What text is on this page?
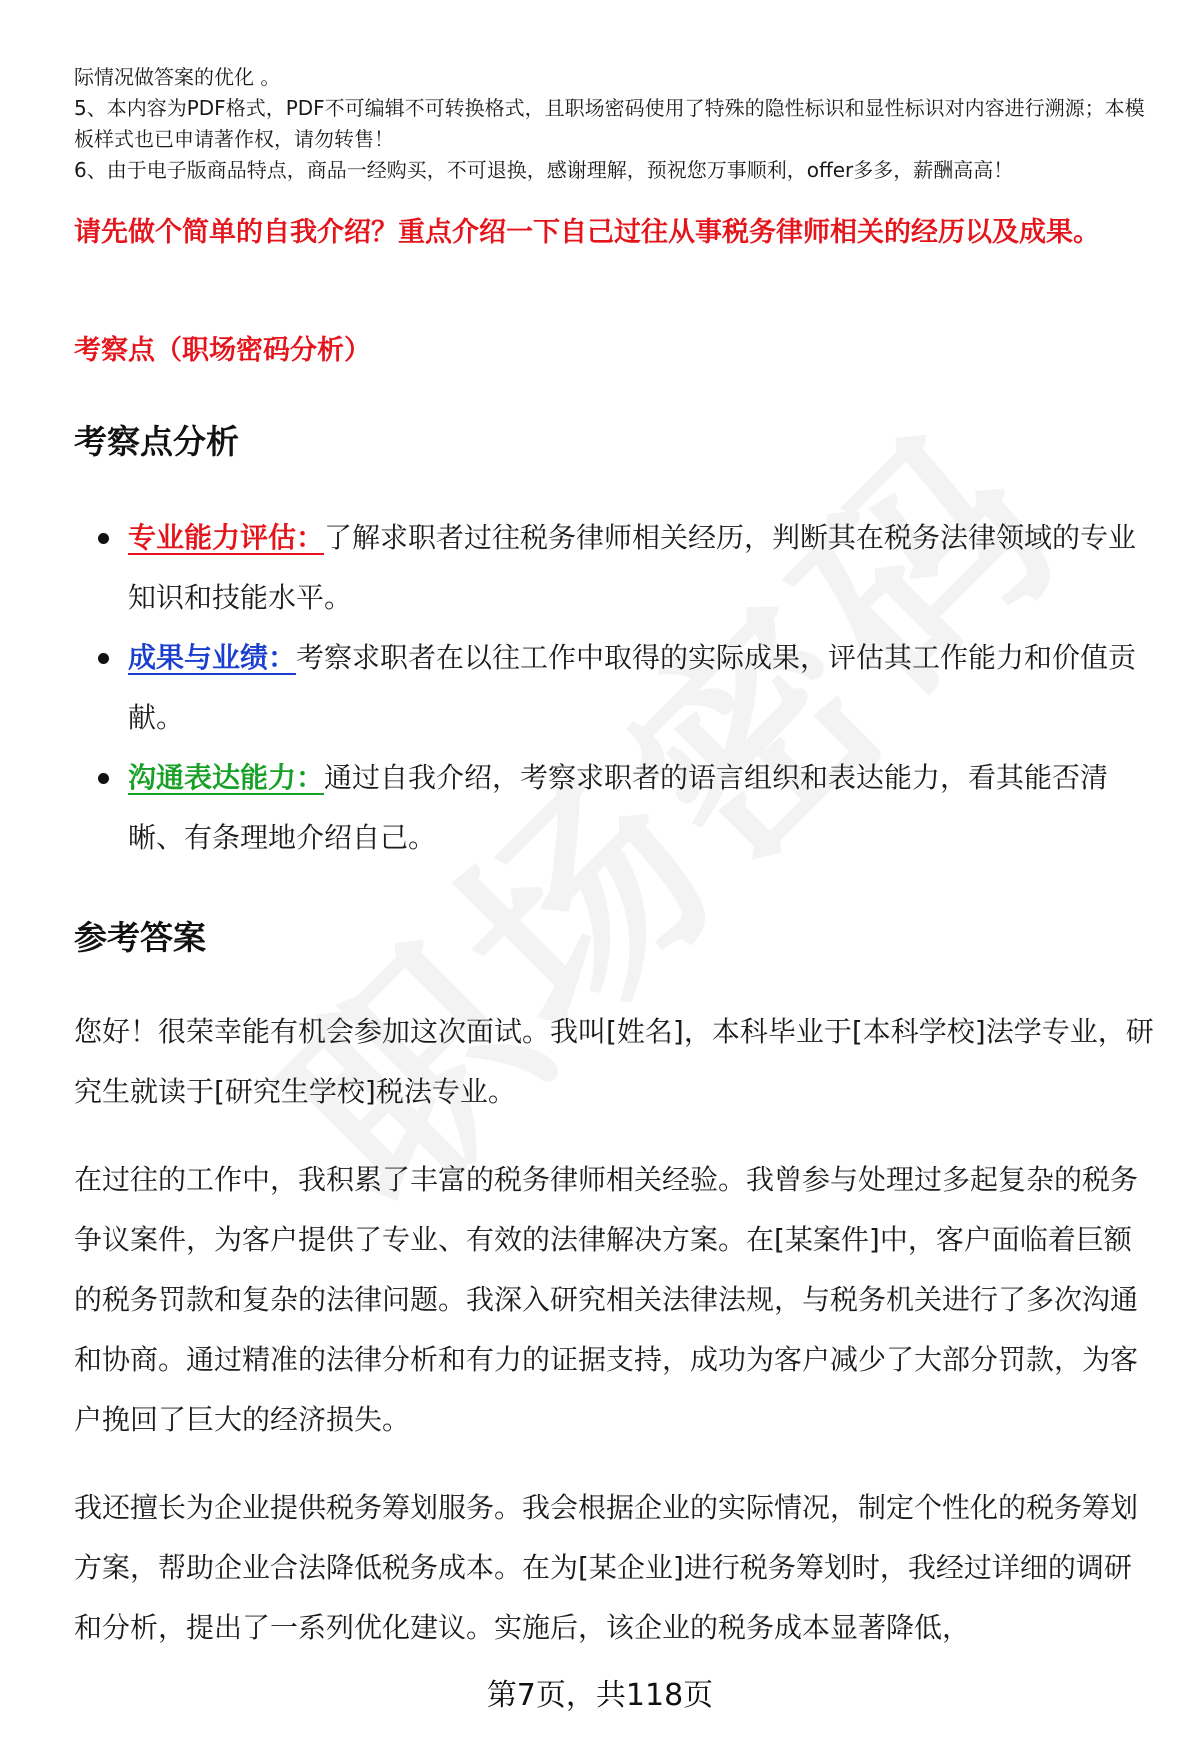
际情况做答案的优化 。

5、本内容为PDF格式，PDF不可编辑不可转换格式，且职场密码使用了特殊的隐性标识和显性标识对内容进行溯源；本模板样式也已申请著作权，请勿转售！

6、由于电子版商品特点，商品一经购买，不可退换，感谢理解，预祝您万事顺利，offer多多，薪酬高高！

请先做个简单的自我介绍？重点介绍一下自己过往从事税务律师相关的经历以及成果。
考察点（职场密码分析）
考察点分析
专业能力评估：了解求职者过往税务律师相关经历，判断其在税务法律领域的专业知识和技能水平。
成果与业绩：考察求职者在以往工作中取得的实际成果，评估其工作能力和价值贡献。
沟通表达能力：通过自我介绍，考察求职者的语言组织和表达能力，看其能否清晰、有条理地介绍自己。
参考答案

您好！很荣幸能有机会参加这次面试。我叫[姓名]，本科毕业于[本科学校]法学专业，研究生就读于[研究生学校]税法专业。

在过往的工作中，我积累了丰富的税务律师相关经验。我曾参与处理过多起复杂的税务争议案件，为客户提供了专业、有效的法律解决方案。在[某案件]中，客户面临着巨额的税务罚款和复杂的法律问题。我深入研究相关法律法规，与税务机关进行了多次沟通和协商。通过精准的法律分析和有力的证据支持，成功为客户减少了大部分罚款，为客户挽回了巨大的经济损失。

我还擅长为企业提供税务筹划服务。我会根据企业的实际情况，制定个性化的税务筹划方案，帮助企业合法降低税务成本。在为[某企业]进行税务筹划时，我经过详细的调研和分析，提出了一系列优化建议。实施后，该企业的税务成本显著降低，

第7页，共118页
